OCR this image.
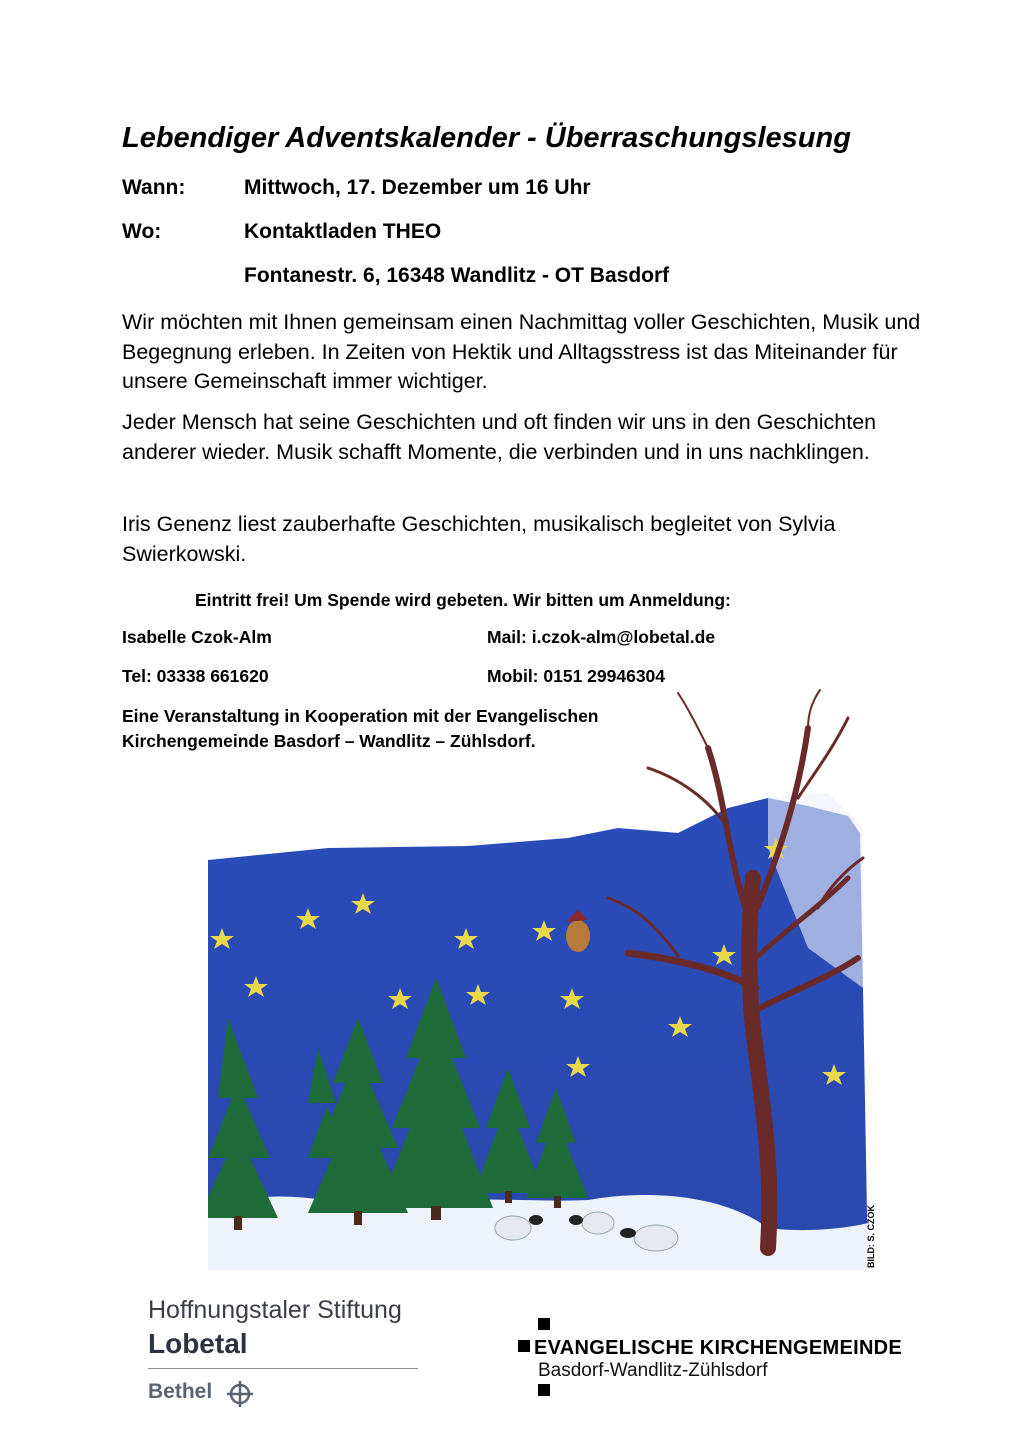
Lebendiger Adventskalender - Überraschungslesung
Wann:	Mittwoch, 17. Dezember um 16 Uhr
Wo:	Kontaktladen THEO
Fontanestr. 6, 16348 Wandlitz - OT Basdorf
Wir möchten mit Ihnen gemeinsam einen Nachmittag voller Geschichten, Musik und Begegnung erleben. In Zeiten von Hektik und Alltagsstress ist das Miteinander für unsere Gemeinschaft immer wichtiger.
Jeder Mensch hat seine Geschichten und oft finden wir uns in den Geschichten anderer wieder. Musik schafft Momente, die verbinden und in uns nachklingen.
Iris Genenz liest zauberhafte Geschichten, musikalisch begleitet von Sylvia Swierkowski.
Eintritt frei! Um Spende wird gebeten. Wir bitten um Anmeldung:
Isabelle Czok-Alm	Mail: i.czok-alm@lobetal.de
Tel: 03338 661620	Mobil: 0151 29946304
Eine Veranstaltung in Kooperation mit der Evangelischen
Kirchengemeinde Basdorf – Wandlitz – Zühlsdorf.
BILD: S. CZOK
Hoffnungstaler Stiftung
Lobetal
Bethel
EVANGELISCHE KIRCHENGEMEINDE
Basdorf-Wandlitz-Zühlsdorf
